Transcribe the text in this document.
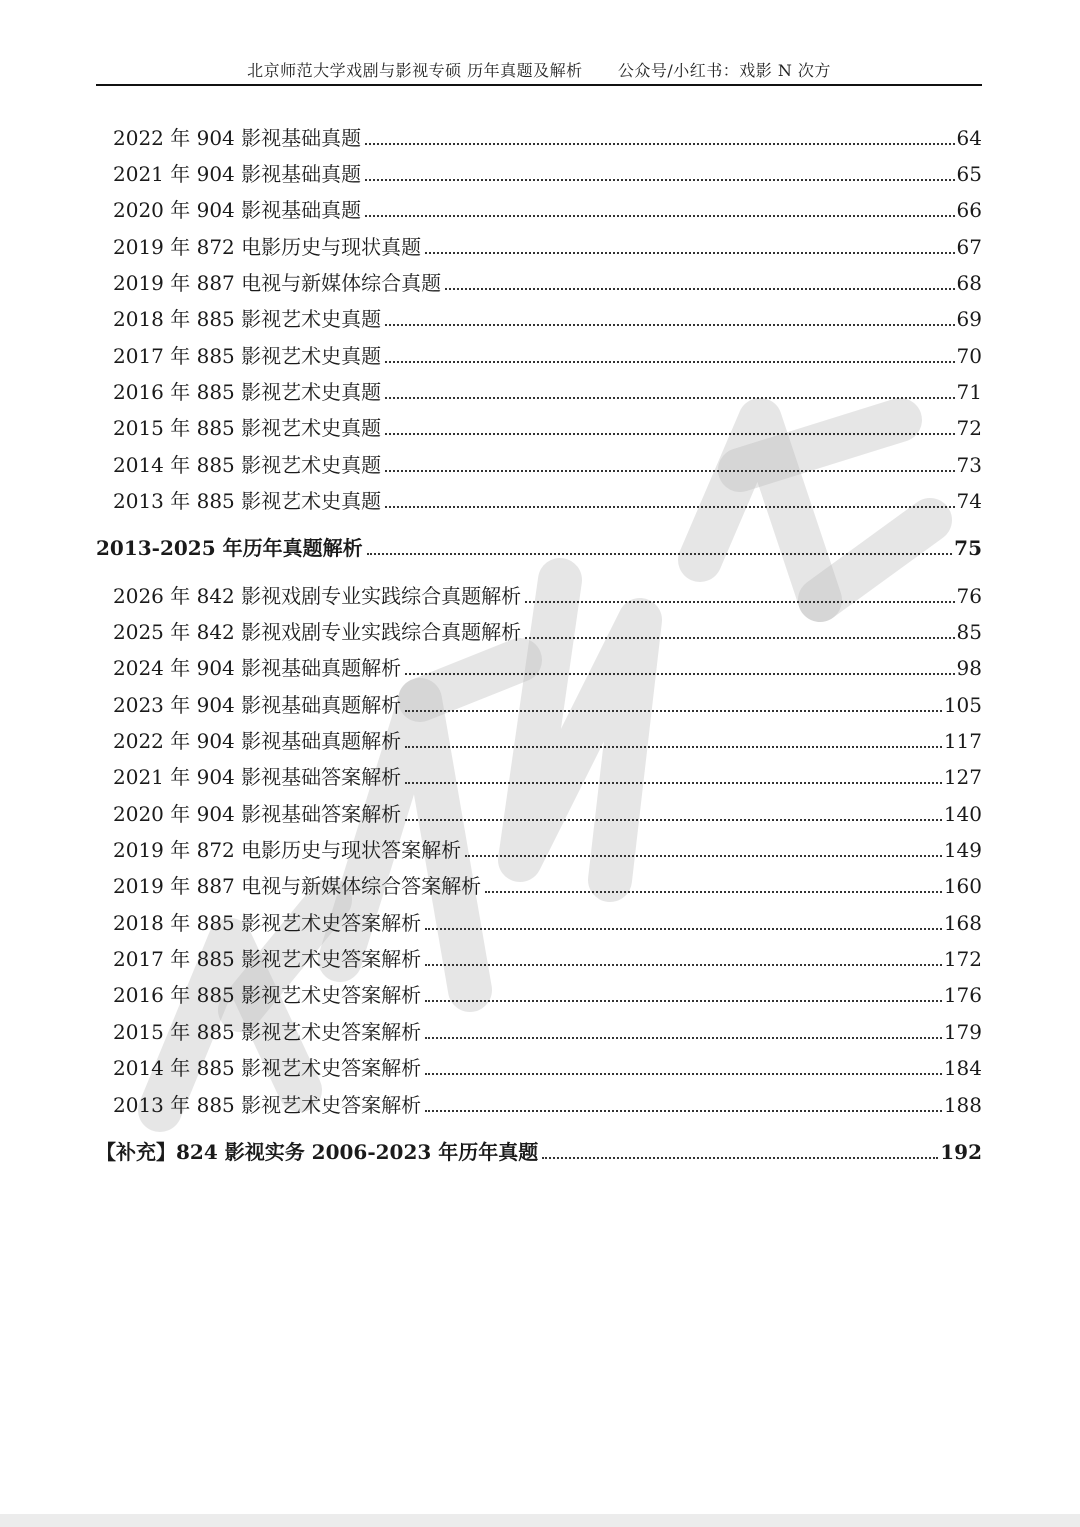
北京师范大学戏剧与影视专硕 历年真题及解析 公众号/小红书：戏影 N 次方
2022 年 904 影视基础真题	64
2021 年 904 影视基础真题	65
2020 年 904 影视基础真题	66
2019 年 872 电影历史与现状真题	67
2019 年 887 电视与新媒体综合真题	68
2018 年 885 影视艺术史真题	69
2017 年 885 影视艺术史真题	70
2016 年 885 影视艺术史真题	71
2015 年 885 影视艺术史真题	72
2014 年 885 影视艺术史真题	73
2013 年 885 影视艺术史真题	74
2013-2025 年历年真题解析	75
2026 年 842 影视戏剧专业实践综合真题解析	76
2025 年 842 影视戏剧专业实践综合真题解析	85
2024 年 904 影视基础真题解析	98
2023 年 904 影视基础真题解析	105
2022 年 904 影视基础真题解析	117
2021 年 904 影视基础答案解析	127
2020 年 904 影视基础答案解析	140
2019 年 872 电影历史与现状答案解析	149
2019 年 887 电视与新媒体综合答案解析	160
2018 年 885 影视艺术史答案解析	168
2017 年 885 影视艺术史答案解析	172
2016 年 885 影视艺术史答案解析	176
2015 年 885 影视艺术史答案解析	179
2014 年 885 影视艺术史答案解析	184
2013 年 885 影视艺术史答案解析	188
【补充】824 影视实务 2006-2023 年历年真题	192
